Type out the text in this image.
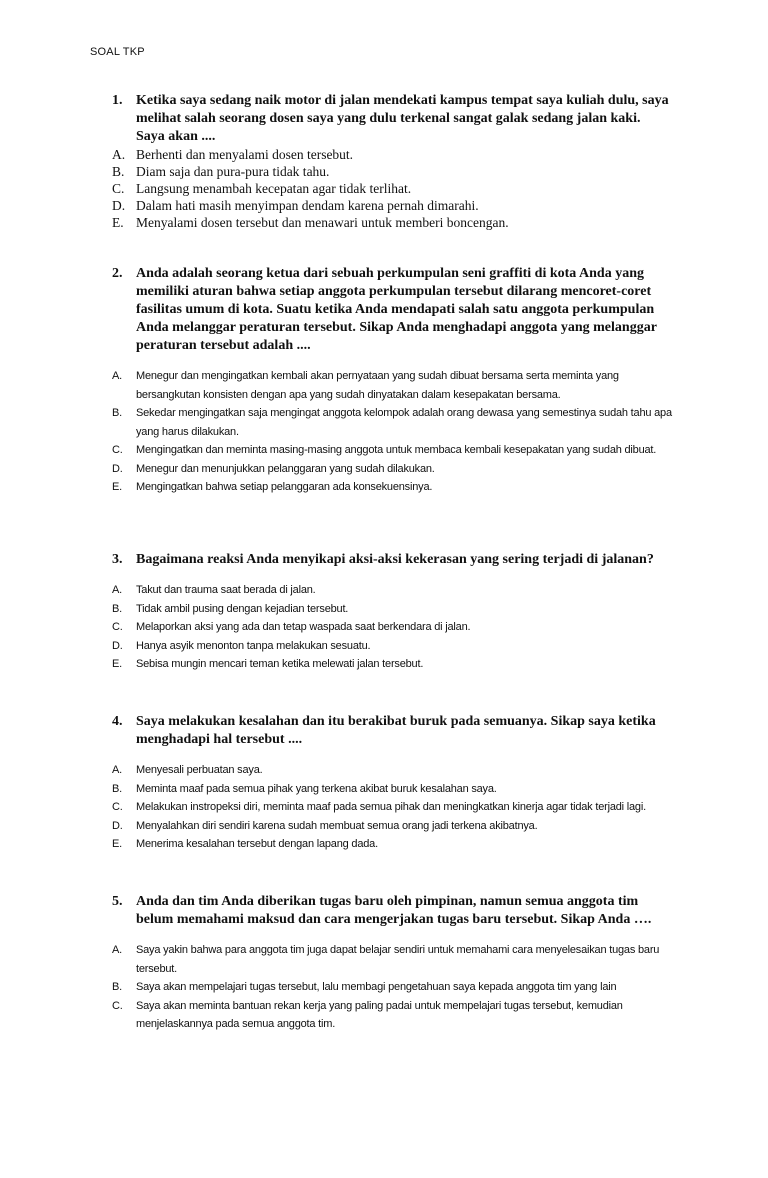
SOAL TKP
1. Ketika saya sedang naik motor di jalan mendekati kampus tempat saya kuliah dulu, saya melihat salah seorang dosen saya yang dulu terkenal sangat galak sedang jalan kaki. Saya akan ....
A. Berhenti dan menyalami dosen tersebut.
B. Diam saja dan pura-pura tidak tahu.
C. Langsung menambah kecepatan agar tidak terlihat.
D. Dalam hati masih menyimpan dendam karena pernah dimarahi.
E. Menyalami dosen tersebut dan menawari untuk memberi boncengan.
2. Anda adalah seorang ketua dari sebuah perkumpulan seni graffiti di kota Anda yang memiliki aturan bahwa setiap anggota perkumpulan tersebut dilarang mencoret-coret fasilitas umum di kota. Suatu ketika Anda mendapati salah satu anggota perkumpulan Anda melanggar peraturan tersebut. Sikap Anda menghadapi anggota yang melanggar peraturan tersebut adalah ....
A.	Menegur dan mengingatkan kembali akan pernyataan yang sudah dibuat bersama serta meminta yang bersangkutan konsisten dengan apa yang sudah dinyatakan dalam kesepakatan bersama.
B.	Sekedar mengingatkan saja mengingat anggota kelompok adalah orang dewasa yang semestinya sudah tahu apa yang harus dilakukan.
C.	Mengingatkan dan meminta masing-masing anggota untuk membaca kembali kesepakatan yang sudah dibuat.
D.	Menegur dan menunjukkan pelanggaran yang sudah dilakukan.
E.	Mengingatkan bahwa setiap pelanggaran ada konsekuensinya.
3. Bagaimana reaksi Anda menyikapi aksi-aksi kekerasan yang sering terjadi di jalanan?
A.	Takut dan trauma saat berada di jalan.
B.	Tidak ambil pusing dengan kejadian tersebut.
C.	Melaporkan aksi yang ada dan tetap waspada saat berkendara di jalan.
D.	Hanya asyik menonton tanpa melakukan sesuatu.
E.	Sebisa mungin mencari teman ketika melewati jalan tersebut.
4. Saya melakukan kesalahan dan itu berakibat buruk pada semuanya. Sikap saya ketika menghadapi hal tersebut ....
A.	Menyesali perbuatan saya.
B.	Meminta maaf pada semua pihak yang terkena akibat buruk kesalahan saya.
C.	Melakukan instropeksi diri, meminta maaf pada semua pihak dan meningkatkan kinerja agar tidak terjadi lagi.
D.	Menyalahkan diri sendiri karena sudah membuat semua orang jadi terkena akibatnya.
E.	Menerima kesalahan tersebut dengan lapang dada.
5. Anda dan tim Anda diberikan tugas baru oleh pimpinan, namun semua anggota tim belum memahami maksud dan cara mengerjakan tugas baru tersebut. Sikap Anda ….
A.	Saya yakin bahwa para anggota tim juga dapat belajar sendiri untuk memahami cara menyelesaikan tugas baru tersebut.
B.	Saya akan mempelajari tugas tersebut, lalu membagi pengetahuan saya kepada anggota tim yang lain
C.	Saya akan meminta bantuan rekan kerja yang paling padai untuk mempelajari tugas tersebut, kemudian menjelaskannya pada semua anggota tim.
